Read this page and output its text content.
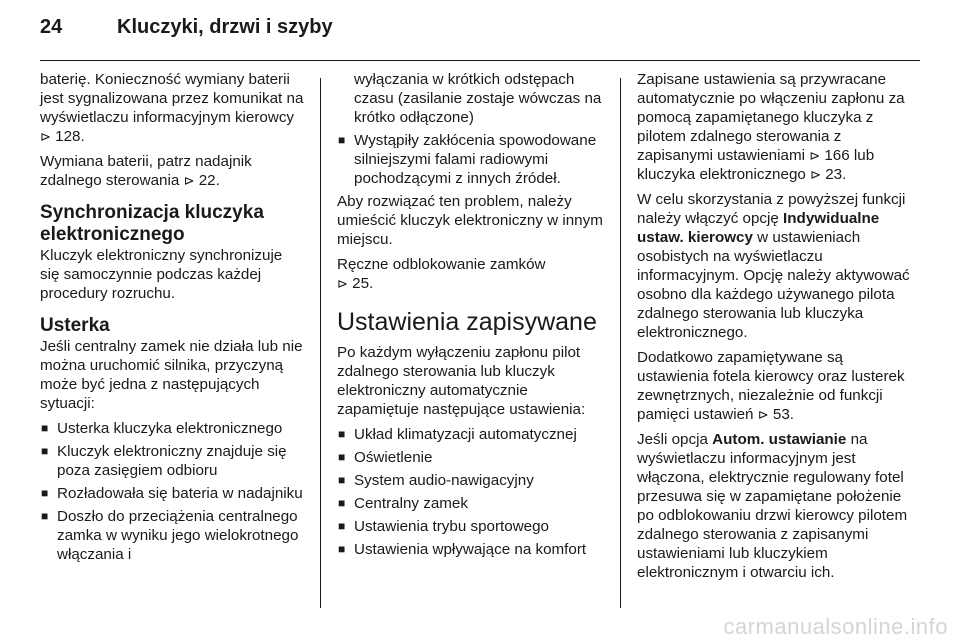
24	Kluczyki, drzwi i szyby

baterię. Konieczność wymiany baterii jest sygnalizowana przez komunikat na wyświetlaczu informacyjnym kierowcy ⊳ 128.

Wymiana baterii, patrz nadajnik zdalnego sterowania ⊳ 22.

Synchronizacja kluczyka elektronicznego

Kluczyk elektroniczny synchronizuje się samoczynnie podczas każdej procedury rozruchu.

Usterka

Jeśli centralny zamek nie działa lub nie można uruchomić silnika, przyczyną może być jedna z następujących sytuacji:

■ Usterka kluczyka elektronicznego
■ Kluczyk elektroniczny znajduje się poza zasięgiem odbioru
■ Rozładowała się bateria w nadajniku
■ Doszło do przeciążenia centralnego zamka w wyniku jego wielokrotnego włączania i
wyłączania w krótkich odstępach czasu (zasilanie zostaje wówczas na krótko odłączone)
■ Wystąpiły zakłócenia spowodowane silniejszymi falami radiowymi pochodzącymi z innych źródeł.

Aby rozwiązać ten problem, należy umieścić kluczyk elektroniczny w innym miejscu.

Ręczne odblokowanie zamków
⊳ 25.

Ustawienia zapisywane

Po każdym wyłączeniu zapłonu pilot zdalnego sterowania lub kluczyk elektroniczny automatycznie zapamiętuje następujące ustawienia:

■ Układ klimatyzacji automatycznej
■ Oświetlenie
■ System audio-nawigacyjny
■ Centralny zamek
■ Ustawienia trybu sportowego
■ Ustawienia wpływające na komfort

Zapisane ustawienia są przywracane automatycznie po włączeniu zapłonu za pomocą zapamiętanego kluczyka z pilotem zdalnego sterowania z zapisanymi ustawieniami ⊳ 166 lub kluczyka elektronicznego ⊳ 23.

W celu skorzystania z powyższej funkcji należy włączyć opcję Indywidualne ustaw. kierowcy w ustawieniach osobistych na wyświetlaczu informacyjnym. Opcję należy aktywować osobno dla każdego używanego pilota zdalnego sterowania lub kluczyka elektronicznego.

Dodatkowo zapamiętywane są ustawienia fotela kierowcy oraz lusterek zewnętrznych, niezależnie od funkcji pamięci ustawień ⊳ 53.

Jeśli opcja Autom. ustawianie na wyświetlaczu informacyjnym jest włączona, elektrycznie regulowany fotel przesuwa się w zapamiętane położenie po odblokowaniu drzwi kierowcy pilotem zdalnego sterowania z zapisanymi ustawieniami lub kluczykiem elektronicznym i otwarciu ich.

carmanualsonline.info
